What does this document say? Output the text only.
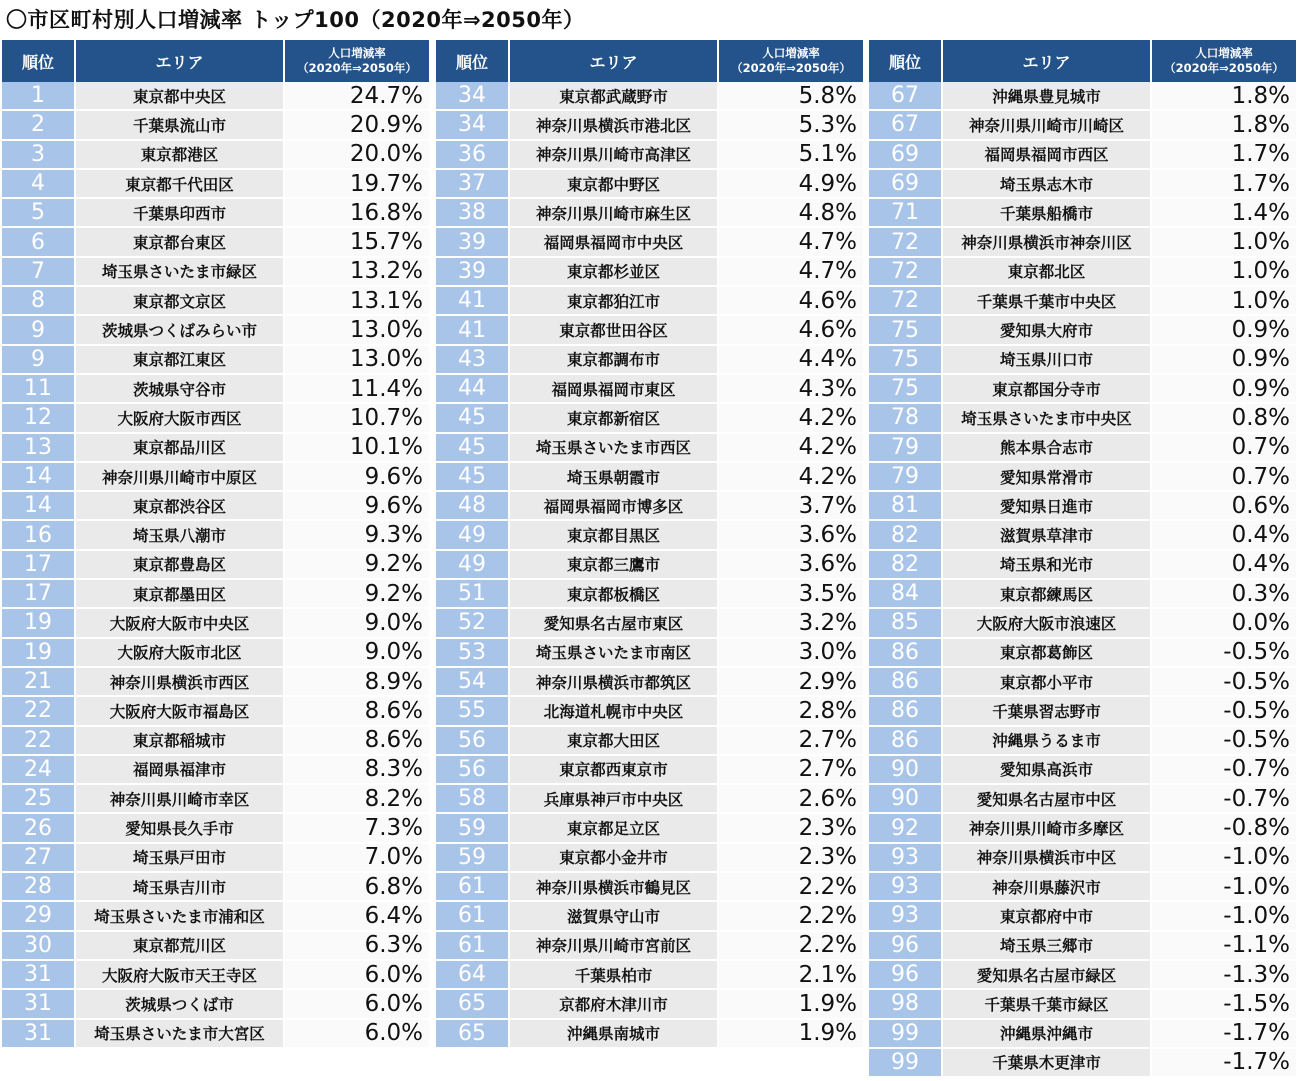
〇市区町村別人口増減率 トップ100（2020年⇒2050年）
順位	エリア	人口増減率
（2020年⇒2050年）
1	東京都中央区	24.7%
2	千葉県流山市	20.9%
3	東京都港区	20.0%
4	東京都千代田区	19.7%
5	千葉県印西市	16.8%
6	東京都台東区	15.7%
7	埼玉県さいたま市緑区	13.2%
8	東京都文京区	13.1%
9	茨城県つくばみらい市	13.0%
9	東京都江東区	13.0%
11	茨城県守谷市	11.4%
12	大阪府大阪市西区	10.7%
13	東京都品川区	10.1%
14	神奈川県川崎市中原区	9.6%
14	東京都渋谷区	9.6%
16	埼玉県八潮市	9.3%
17	東京都豊島区	9.2%
17	東京都墨田区	9.2%
19	大阪府大阪市中央区	9.0%
19	大阪府大阪市北区	9.0%
21	神奈川県横浜市西区	8.9%
22	大阪府大阪市福島区	8.6%
22	東京都稲城市	8.6%
24	福岡県福津市	8.3%
25	神奈川県川崎市幸区	8.2%
26	愛知県長久手市	7.3%
27	埼玉県戸田市	7.0%
28	埼玉県吉川市	6.8%
29	埼玉県さいたま市浦和区	6.4%
30	東京都荒川区	6.3%
31	大阪府大阪市天王寺区	6.0%
31	茨城県つくば市	6.0%
31	埼玉県さいたま市大宮区	6.0%
順位	エリア	人口増減率
（2020年⇒2050年）
34	東京都武蔵野市	5.8%
34	神奈川県横浜市港北区	5.3%
36	神奈川県川崎市高津区	5.1%
37	東京都中野区	4.9%
38	神奈川県川崎市麻生区	4.8%
39	福岡県福岡市中央区	4.7%
39	東京都杉並区	4.7%
41	東京都狛江市	4.6%
41	東京都世田谷区	4.6%
43	東京都調布市	4.4%
44	福岡県福岡市東区	4.3%
45	東京都新宿区	4.2%
45	埼玉県さいたま市西区	4.2%
45	埼玉県朝霞市	4.2%
48	福岡県福岡市博多区	3.7%
49	東京都目黒区	3.6%
49	東京都三鷹市	3.6%
51	東京都板橋区	3.5%
52	愛知県名古屋市東区	3.2%
53	埼玉県さいたま市南区	3.0%
54	神奈川県横浜市都筑区	2.9%
55	北海道札幌市中央区	2.8%
56	東京都大田区	2.7%
56	東京都西東京市	2.7%
58	兵庫県神戸市中央区	2.6%
59	東京都足立区	2.3%
59	東京都小金井市	2.3%
61	神奈川県横浜市鶴見区	2.2%
61	滋賀県守山市	2.2%
61	神奈川県川崎市宮前区	2.2%
64	千葉県柏市	2.1%
65	京都府木津川市	1.9%
65	沖縄県南城市	1.9%
順位	エリア	人口増減率
（2020年⇒2050年）
67	沖縄県豊見城市	1.8%
67	神奈川県川崎市川崎区	1.8%
69	福岡県福岡市西区	1.7%
69	埼玉県志木市	1.7%
71	千葉県船橋市	1.4%
72	神奈川県横浜市神奈川区	1.0%
72	東京都北区	1.0%
72	千葉県千葉市中央区	1.0%
75	愛知県大府市	0.9%
75	埼玉県川口市	0.9%
75	東京都国分寺市	0.9%
78	埼玉県さいたま市中央区	0.8%
79	熊本県合志市	0.7%
79	愛知県常滑市	0.7%
81	愛知県日進市	0.6%
82	滋賀県草津市	0.4%
82	埼玉県和光市	0.4%
84	東京都練馬区	0.3%
85	大阪府大阪市浪速区	0.0%
86	東京都葛飾区	-0.5%
86	東京都小平市	-0.5%
86	千葉県習志野市	-0.5%
86	沖縄県うるま市	-0.5%
90	愛知県高浜市	-0.7%
90	愛知県名古屋市中区	-0.7%
92	神奈川県川崎市多摩区	-0.8%
93	神奈川県横浜市中区	-1.0%
93	神奈川県藤沢市	-1.0%
93	東京都府中市	-1.0%
96	埼玉県三郷市	-1.1%
96	愛知県名古屋市緑区	-1.3%
98	千葉県千葉市緑区	-1.5%
99	沖縄県沖縄市	-1.7%
99	千葉県木更津市	-1.7%
